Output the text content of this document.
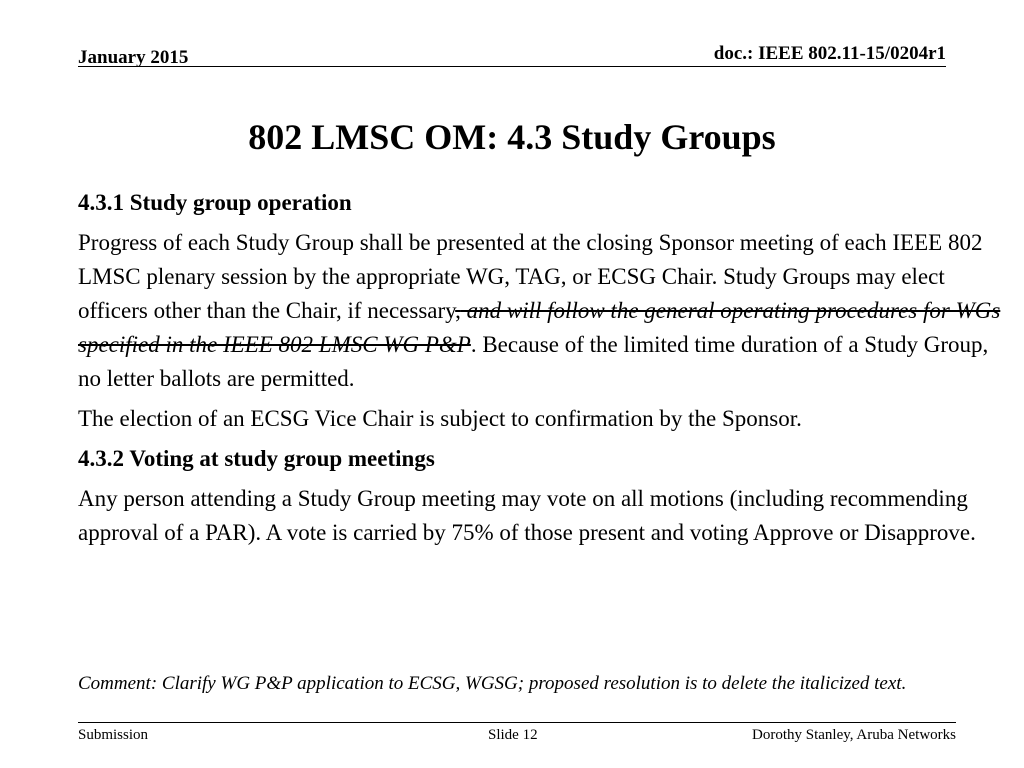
January 2015	doc.: IEEE 802.11-15/0204r1
802 LMSC OM: 4.3 Study Groups

4.3.1 Study group operation

Progress of each Study Group shall be presented at the closing Sponsor meeting of each IEEE 802 LMSC plenary session by the appropriate WG, TAG, or ECSG Chair. Study Groups may elect officers other than the Chair, if necessary, and will follow the general operating procedures for WGs specified in the IEEE 802 LMSC WG P&P. Because of the limited time duration of a Study Group, no letter ballots are permitted.

The election of an ECSG Vice Chair is subject to confirmation by the Sponsor.

4.3.2 Voting at study group meetings

Any person attending a Study Group meeting may vote on all motions (including recommending approval of a PAR). A vote is carried by 75% of those present and voting Approve or Disapprove.

Comment: Clarify WG P&P application to ECSG, WGSG; proposed resolution is to delete the italicized text.
Submission	Slide 12	Dorothy Stanley, Aruba Networks
